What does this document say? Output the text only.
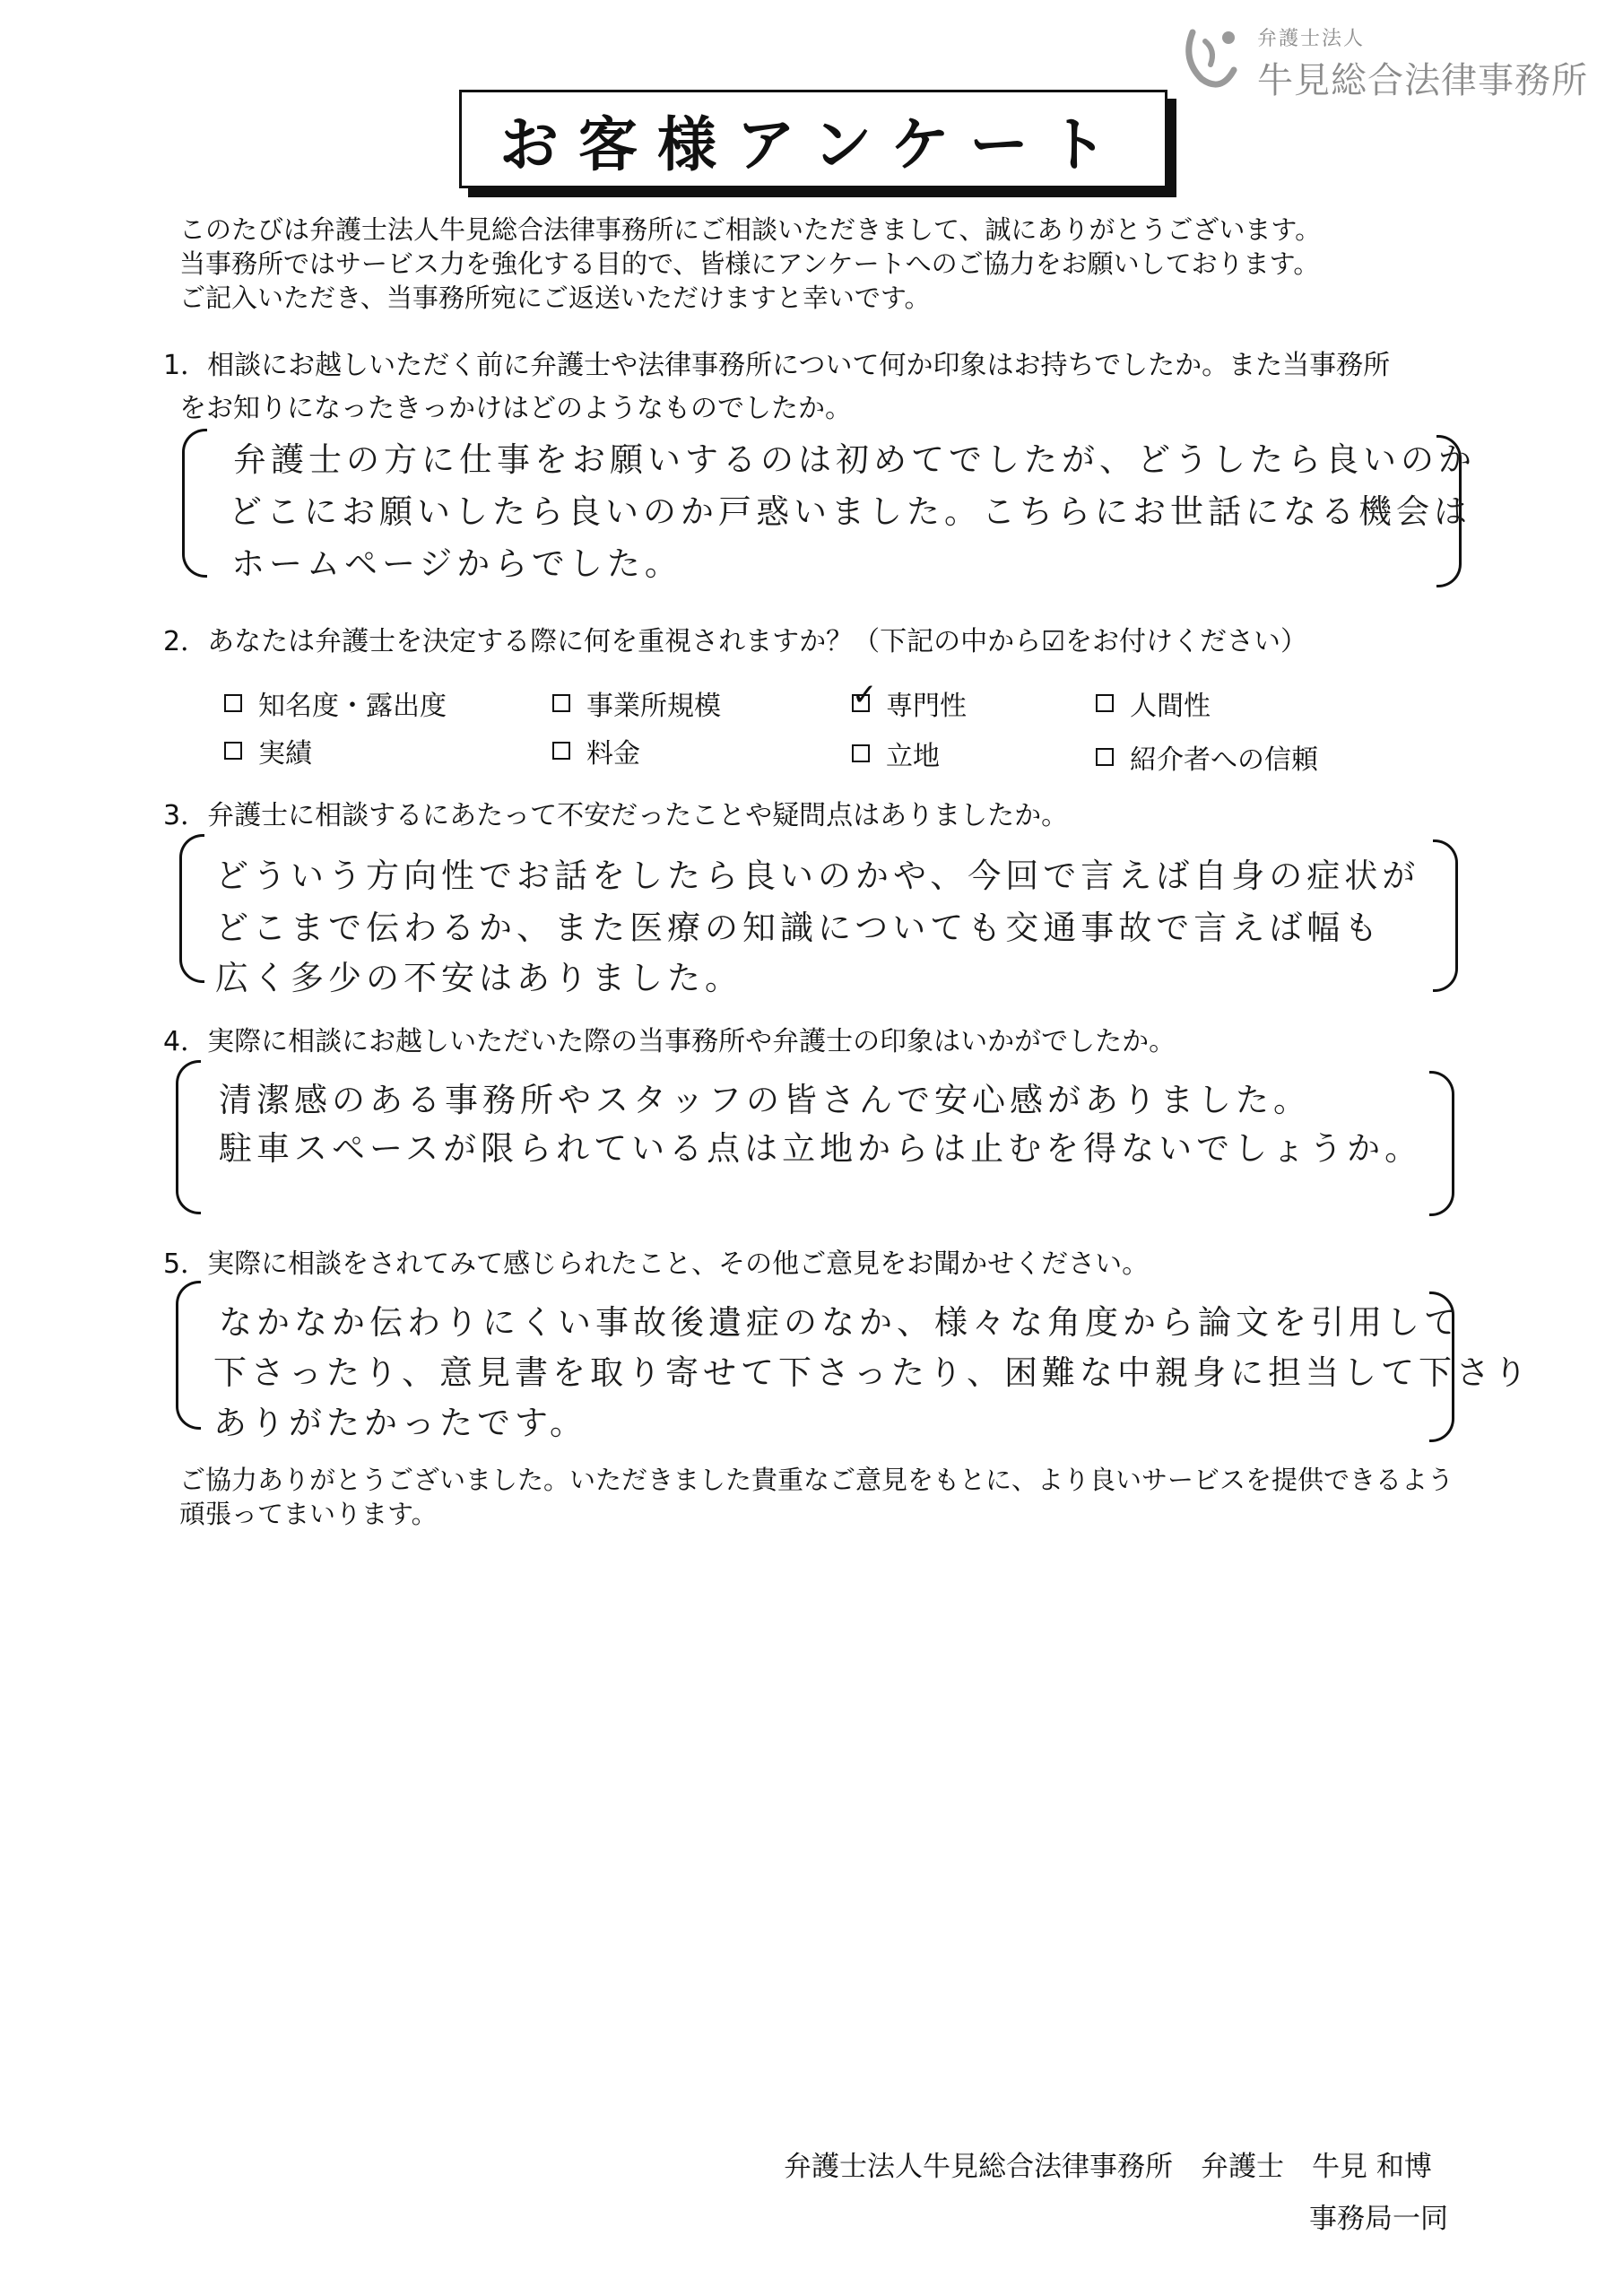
弁護士法人
牛見総合法律事務所
お客様アンケート
このたびは弁護士法人牛見総合法律事務所にご相談いただきまして、誠にありがとうございます。
当事務所ではサービス力を強化する目的で、皆様にアンケートへのご協力をお願いしております。
ご記入いただき、当事務所宛にご返送いただけますと幸いです。
1．相談にお越しいただく前に弁護士や法律事務所について何か印象はお持ちでしたか。また当事務所
をお知りになったきっかけはどのようなものでしたか。
弁護士の方に仕事をお願いするのは初めてでしたが、どうしたら良いのか
どこにお願いしたら良いのか戸惑いました。こちらにお世話になる機会は
ホームページからでした。
2．あなたは弁護士を決定する際に何を重視されますか？（下記の中から☑をお付けください）
知名度・露出度	事業所規模	✓ 専門性	人間性
実績	料金	立地	紹介者への信頼
3．弁護士に相談するにあたって不安だったことや疑問点はありましたか。
どういう方向性でお話をしたら良いのかや、今回で言えば自身の症状が
どこまで伝わるか、また医療の知識についても交通事故で言えば幅も
広く多少の不安はありました。
4．実際に相談にお越しいただいた際の当事務所や弁護士の印象はいかがでしたか。
清潔感のある事務所やスタッフの皆さんで安心感がありました。
駐車スペースが限られている点は立地からは止むを得ないでしょうか。
5．実際に相談をされてみて感じられたこと、その他ご意見をお聞かせください。
なかなか伝わりにくい事故後遺症のなか、様々な角度から論文を引用して
下さったり、意見書を取り寄せて下さったり、困難な中親身に担当して下さり
ありがたかったです。
ご協力ありがとうございました。いただきました貴重なご意見をもとに、より良いサービスを提供できるよう
頑張ってまいります。
弁護士法人牛見総合法律事務所　弁護士　牛見 和博
事務局一同
